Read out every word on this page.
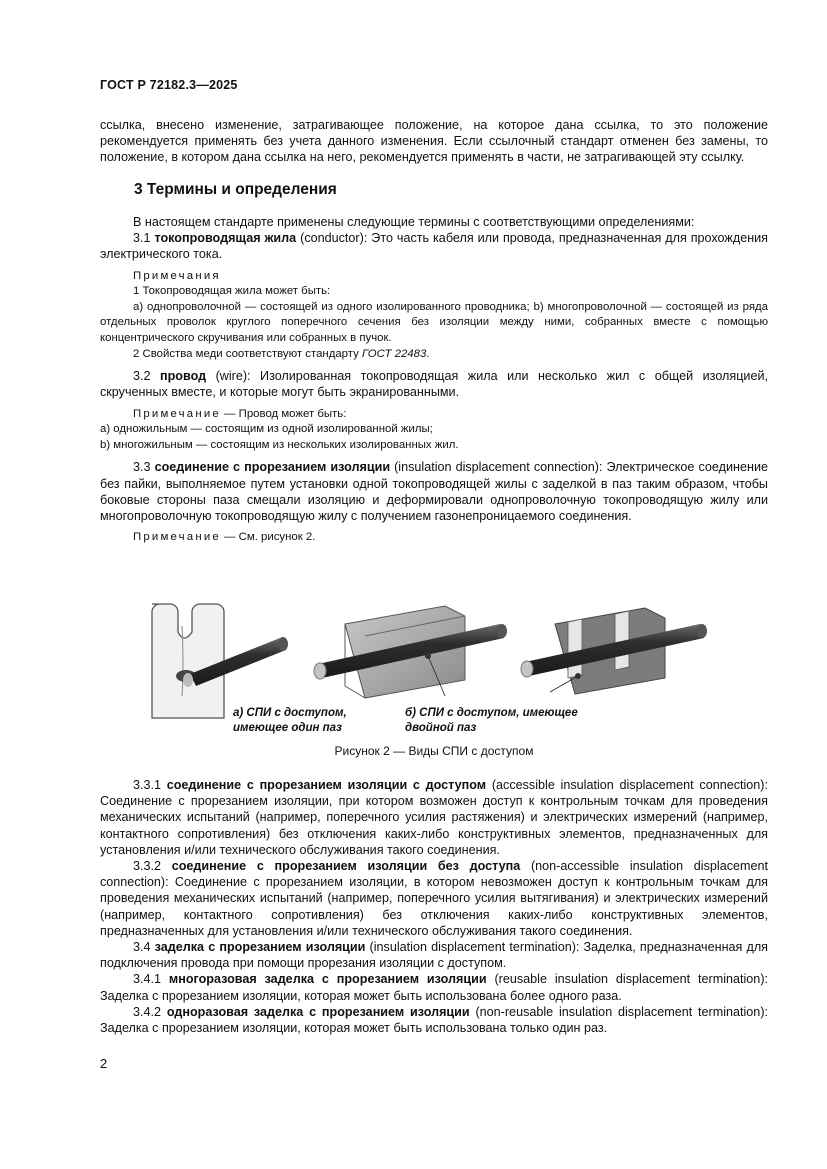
ГОСТ Р 72182.3—2025

ссылка, внесено изменение, затрагивающее положение, на которое дана ссылка, то это положение рекомендуется применять без учета данного изменения. Если ссылочный стандарт отменен без замены, то положение, в котором дана ссылка на него, рекомендуется применять в части, не затрагивающей эту ссылку.

3 Термины и определения

В настоящем стандарте применены следующие термины с соответствующими определениями:

3.1 токопроводящая жила (conductor): Это часть кабеля или провода, предназначенная для прохождения электрического тока.

Примечания
1 Токопроводящая жила может быть:
a) однопроволочной — состоящей из одного изолированного проводника; b) многопроволочной — состоящей из ряда отдельных проволок круглого поперечного сечения без изоляции между ними, собранных вместе с помощью концентрического скручивания или собранных в пучок.
2 Свойства меди соответствуют стандарту ГОСТ 22483.

3.2 провод (wire): Изолированная токопроводящая жила или несколько жил с общей изоляцией, скрученных вместе, и которые могут быть экранированными.

Примечание — Провод может быть:
а) одножильным — состоящим из одной изолированной жилы;
b) многожильным — состоящим из нескольких изолированных жил.

3.3 соединение с прорезанием изоляции (insulation displacement connection): Электрическое соединение без пайки, выполняемое путем установки одной токопроводящей жилы с заделкой в паз таким образом, чтобы боковые стороны паза смещали изоляцию и деформировали однопроволочную токопроводящую жилу или многопроволочную токопроводящую жилу с получением газонепроницаемого соединения.

Примечание — См. рисунок 2.
а) СПИ с доступом,
имеющее один паз
б) СПИ с доступом, имеющее
двойной паз
Рисунок 2 — Виды СПИ с доступом

3.3.1 соединение с прорезанием изоляции с доступом (accessible insulation displacement connection): Соединение с прорезанием изоляции, при котором возможен доступ к контрольным точкам для проведения механических испытаний (например, поперечного усилия растяжения) и электрических измерений (например, контактного сопротивления) без отключения каких-либо конструктивных элементов, предназначенных для установления и/или технического обслуживания такого соединения.

3.3.2 соединение с прорезанием изоляции без доступа (non-accessible insulation displacement connection): Соединение с прорезанием изоляции, в котором невозможен доступ к контрольным точкам для проведения механических испытаний (например, поперечного усилия вытягивания) и электрических измерений (например, контактного сопротивления) без отключения каких-либо конструктивных элементов, предназначенных для установления и/или технического обслуживания такого соединения.

3.4 заделка с прорезанием изоляции (insulation displacement termination): Заделка, предназначенная для подключения провода при помощи прорезания изоляции с доступом.

3.4.1 многоразовая заделка с прорезанием изоляции (reusable insulation displacement termination): Заделка с прорезанием изоляции, которая может быть использована более одного раза.

3.4.2 одноразовая заделка с прорезанием изоляции (non-reusable insulation displacement termination): Заделка с прорезанием изоляции, которая может быть использована только один раз.

2
